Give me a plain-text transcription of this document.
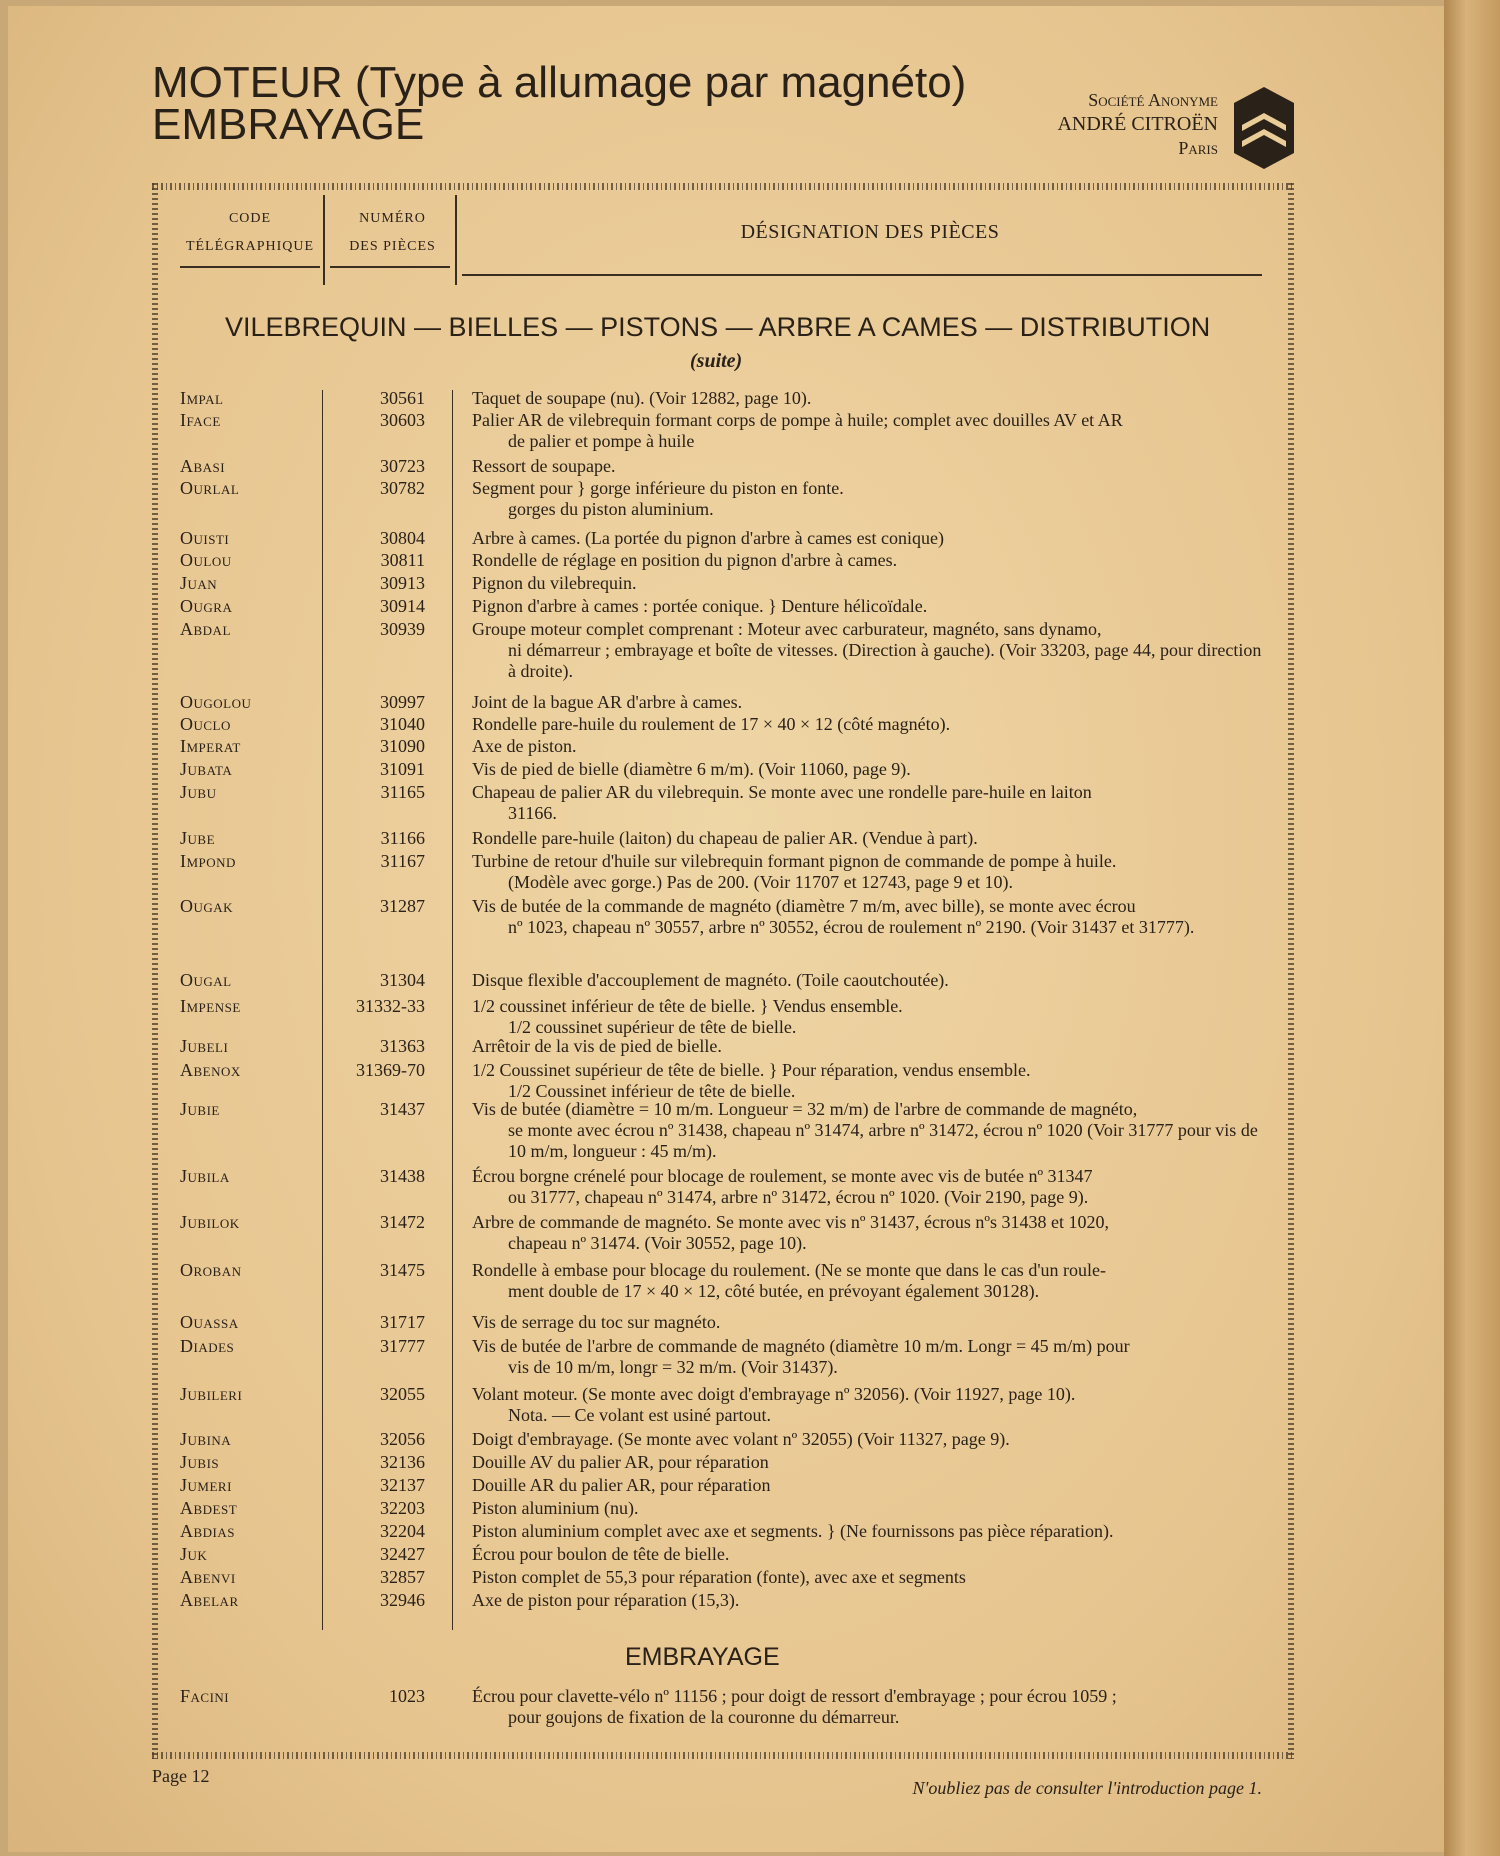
MOTEUR (Type à allumage par magnéto)
EMBRAYAGE	Société Anonyme
ANDRÉ CITROËN
Paris
CODE
TÉLÉGRAPHIQUE
NUMÉRO
DES PIÈCES
DÉSIGNATION DES PIÈCES
VILEBREQUIN — BIELLES — PISTONS — ARBRE A CAMES — DISTRIBUTION
(suite)
Impal	30561	Taquet de soupape (nu). (Voir 12882, page 10).
Iface	30603	Palier AR de vilebrequin formant corps de pompe à huile; complet avec douilles AV et AR
de palier et pompe à huile
Abasi	30723	Ressort de soupape.
Ourlal	30782	Segment pour } gorge inférieure du piston en fonte.
gorges du piston aluminium.
Ouisti	30804	Arbre à cames. (La portée du pignon d'arbre à cames est conique)
Oulou	30811	Rondelle de réglage en position du pignon d'arbre à cames.
Juan	30913	Pignon du vilebrequin.
Ougra	30914	Pignon d'arbre à cames : portée conique. } Denture hélicoïdale.
Abdal	30939	Groupe moteur complet comprenant : Moteur avec carburateur, magnéto, sans dynamo,
ni démarreur ; embrayage et boîte de vitesses. (Direction à gauche). (Voir 33203, page 44, pour direction à droite).
Ougolou	30997	Joint de la bague AR d'arbre à cames.
Ouclo	31040	Rondelle pare-huile du roulement de 17 × 40 × 12 (côté magnéto).
Imperat	31090	Axe de piston.
Jubata	31091	Vis de pied de bielle (diamètre 6 m/m). (Voir 11060, page 9).
Jubu	31165	Chapeau de palier AR du vilebrequin. Se monte avec une rondelle pare-huile en laiton
31166.
Jube	31166	Rondelle pare-huile (laiton) du chapeau de palier AR. (Vendue à part).
Impond	31167	Turbine de retour d'huile sur vilebrequin formant pignon de commande de pompe à huile.
(Modèle avec gorge.) Pas de 200. (Voir 11707 et 12743, page 9 et 10).
Ougak	31287	Vis de butée de la commande de magnéto (diamètre 7 m/m, avec bille), se monte avec écrou
nº 1023, chapeau nº 30557, arbre nº 30552, écrou de roulement nº 2190. (Voir 31437 et 31777).
Ougal	31304	Disque flexible d'accouplement de magnéto. (Toile caoutchoutée).
Impense	31332-33	1/2 coussinet inférieur de tête de bielle. } Vendus ensemble.
1/2 coussinet supérieur de tête de bielle.
Jubeli	31363	Arrêtoir de la vis de pied de bielle.
Abenox	31369-70	1/2 Coussinet supérieur de tête de bielle. } Pour réparation, vendus ensemble.
1/2 Coussinet inférieur de tête de bielle.
Jubie	31437	Vis de butée (diamètre = 10 m/m. Longueur = 32 m/m) de l'arbre de commande de magnéto,
se monte avec écrou nº 31438, chapeau nº 31474, arbre nº 31472, écrou nº 1020 (Voir 31777 pour vis de 10 m/m, longueur : 45 m/m).
Jubila	31438	Écrou borgne crénelé pour blocage de roulement, se monte avec vis de butée nº 31347
ou 31777, chapeau nº 31474, arbre nº 31472, écrou nº 1020. (Voir 2190, page 9).
Jubilok	31472	Arbre de commande de magnéto. Se monte avec vis nº 31437, écrous nºs 31438 et 1020,
chapeau nº 31474. (Voir 30552, page 10).
Oroban	31475	Rondelle à embase pour blocage du roulement. (Ne se monte que dans le cas d'un roule-
ment double de 17 × 40 × 12, côté butée, en prévoyant également 30128).
Ouassa	31717	Vis de serrage du toc sur magnéto.
Diades	31777	Vis de butée de l'arbre de commande de magnéto (diamètre 10 m/m. Longr = 45 m/m) pour
vis de 10 m/m, longr = 32 m/m. (Voir 31437).
Jubileri	32055	Volant moteur. (Se monte avec doigt d'embrayage nº 32056). (Voir 11927, page 10).
Nota. — Ce volant est usiné partout.
Jubina	32056	Doigt d'embrayage. (Se monte avec volant nº 32055) (Voir 11327, page 9).
Jubis	32136	Douille AV du palier AR, pour réparation
Jumeri	32137	Douille AR du palier AR, pour réparation
Abdest	32203	Piston aluminium (nu).
Abdias	32204	Piston aluminium complet avec axe et segments. } (Ne fournissons pas pièce réparation).
Juk	32427	Écrou pour boulon de tête de bielle.
Abenvi	32857	Piston complet de 55,3 pour réparation (fonte), avec axe et segments
Abelar	32946	Axe de piston pour réparation (15,3).
EMBRAYAGE
Facini	1023	Écrou pour clavette-vélo nº 11156 ; pour doigt de ressort d'embrayage ; pour écrou 1059 ;
pour goujons de fixation de la couronne du démarreur.
Page 12
N'oubliez pas de consulter l'introduction page 1.
